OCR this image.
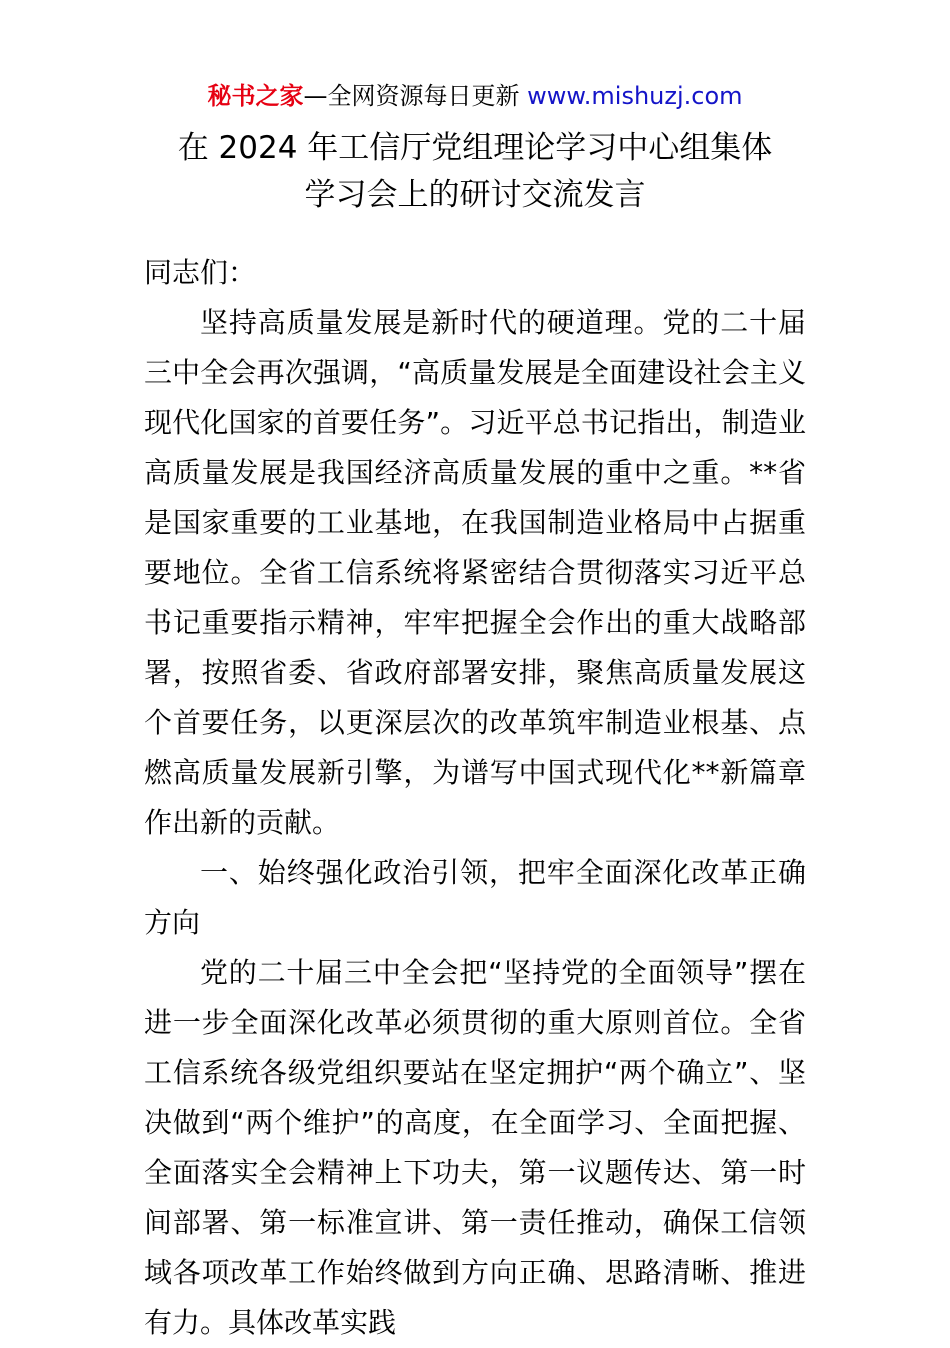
秘书之家—全网资源每日更新 www.mishuzj.com
在 2024 年工信厅党组理论学习中心组集体
学习会上的研讨交流发言

同志们：

坚持高质量发展是新时代的硬道理。党的二十届三中全会再次强调，“高质量发展是全面建设社会主义现代化国家的首要任务”。习近平总书记指出，制造业高质量发展是我国经济高质量发展的重中之重。**省是国家重要的工业基地，在我国制造业格局中占据重要地位。全省工信系统将紧密结合贯彻落实习近平总书记重要指示精神，牢牢把握全会作出的重大战略部署，按照省委、省政府部署安排，聚焦高质量发展这个首要任务，以更深层次的改革筑牢制造业根基、点燃高质量发展新引擎，为谱写中国式现代化**新篇章作出新的贡献。

一、始终强化政治引领，把牢全面深化改革正确方向

党的二十届三中全会把“坚持党的全面领导”摆在进一步全面深化改革必须贯彻的重大原则首位。全省工信系统各级党组织要站在坚定拥护“两个确立”、坚决做到“两个维护”的高度，在全面学习、全面把握、全面落实全会精神上下功夫，第一议题传达、第一时间部署、第一标准宣讲、第一责任推动，确保工信领域各项改革工作始终做到方向正确、思路清晰、推进有力。具体改革实践
